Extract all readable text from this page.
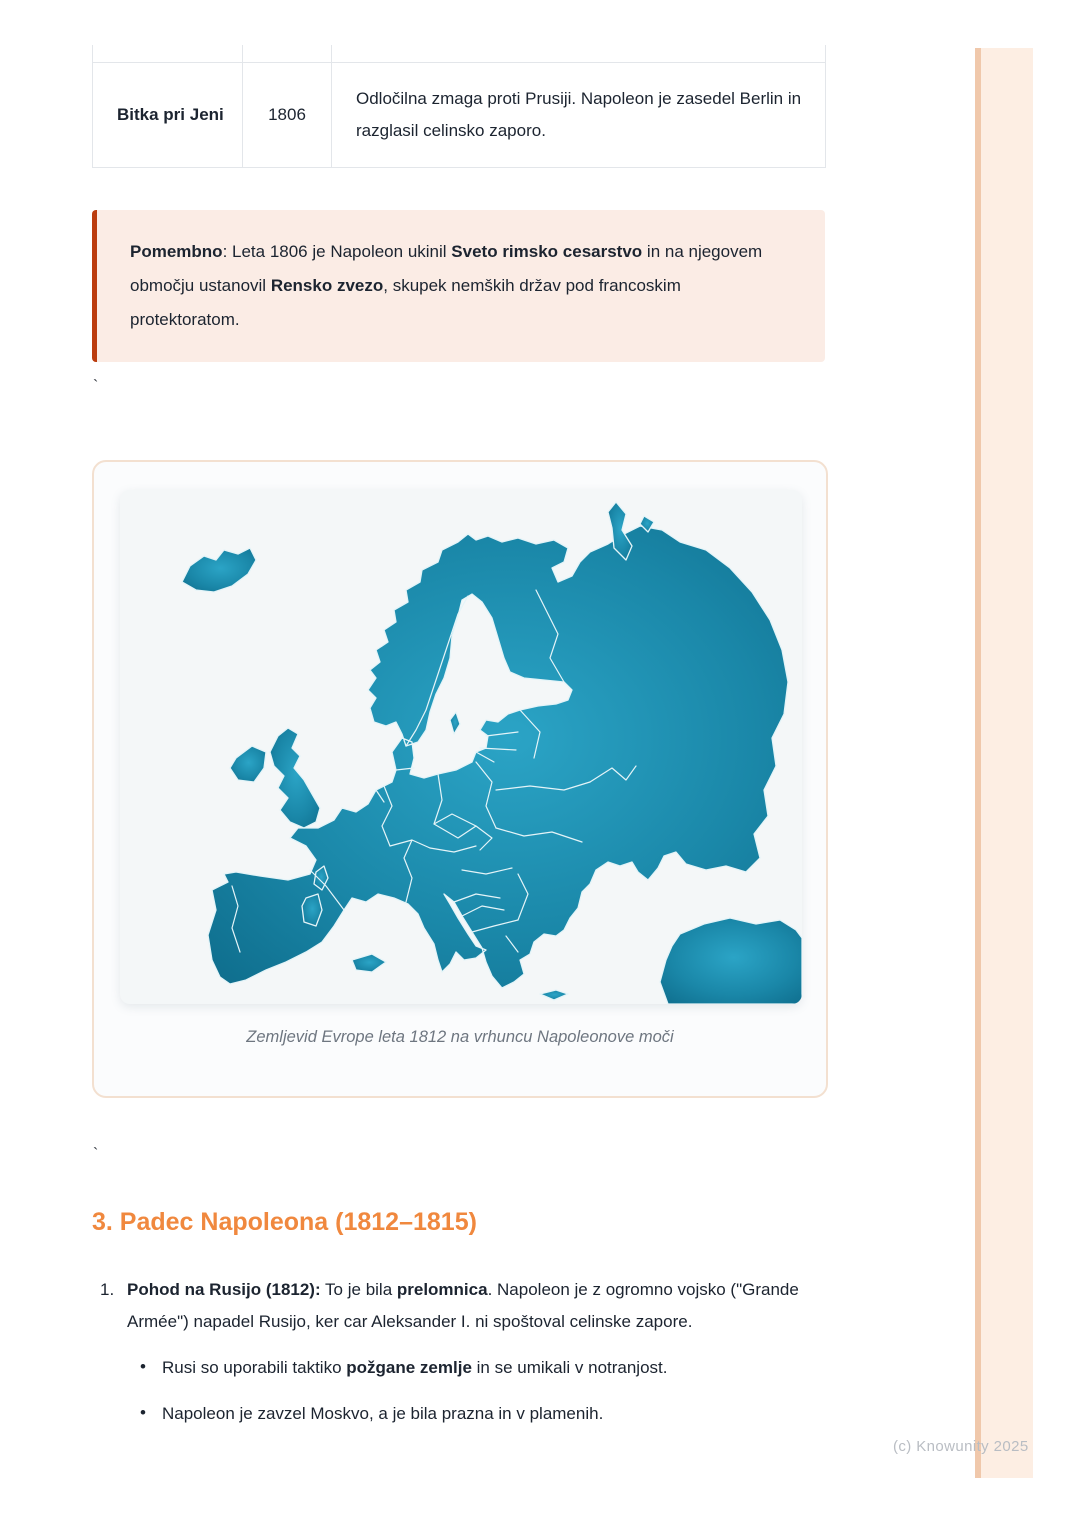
Bitka pri Jeni	1806	Odločilna zmaga proti Prusiji. Napoleon je zasedel Berlin in razglasil celinsko zaporo.
Pomembno: Leta 1806 je Napoleon ukinil Sveto rimsko cesarstvo in na njegovem območju ustanovil Rensko zvezo, skupek nemških držav pod francoskim protektoratom.
`
Zemljevid Evrope leta 1812 na vrhuncu Napoleonove moči
`
3. Padec Napoleona (1812–1815)
1. Pohod na Rusijo (1812): To je bila prelomnica. Napoleon je z ogromno vojsko ("Grande Armée") napadel Rusijo, ker car Aleksander I. ni spoštoval celinske zapore.
• Rusi so uporabili taktiko požgane zemlje in se umikali v notranjost.
• Napoleon je zavzel Moskvo, a je bila prazna in v plamenih.
(c) Knowunity 2025
